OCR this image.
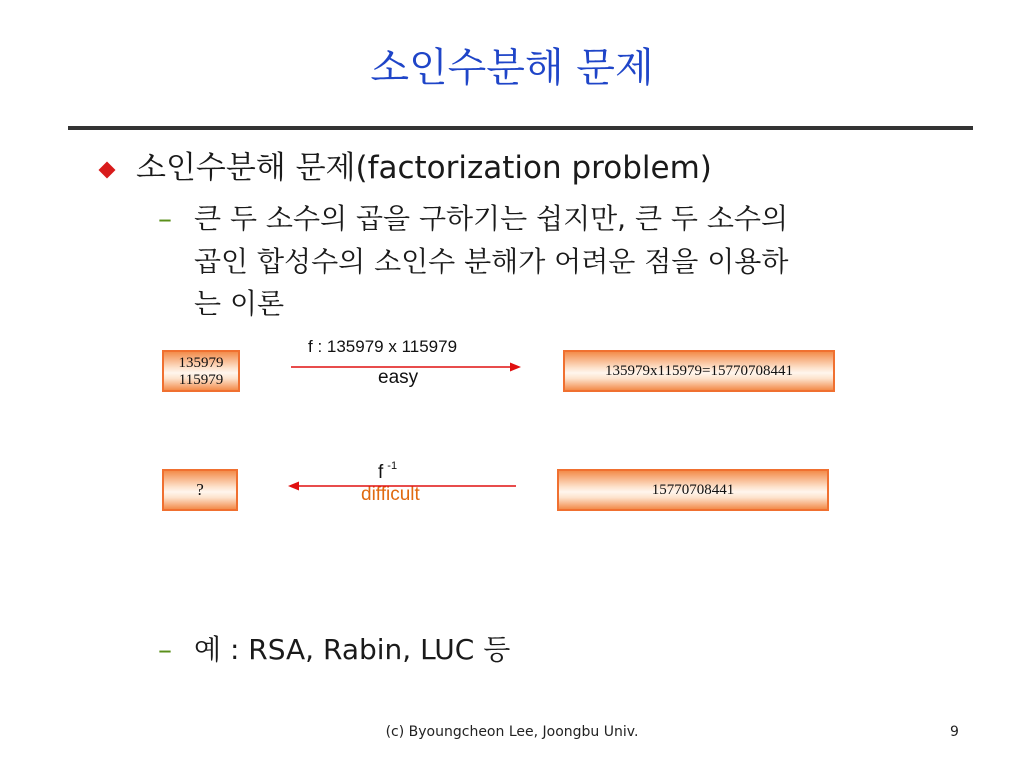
소인수분해 문제
소인수분해 문제(factorization problem)
– 큰 두 소수의 곱을 구하기는 쉽지만, 큰 두 소수의
곱인 합성수의 소인수 분해가 어려운 점을 이용하
는 이론
135979
115979
f : 135979 x 115979
easy	135979x115979=15770708441
f $^{-1}$
difficult
?	15770708441
– 예 : RSA, Rabin, LUC 등
(c) Byoungcheon Lee, Joongbu Univ.	9
